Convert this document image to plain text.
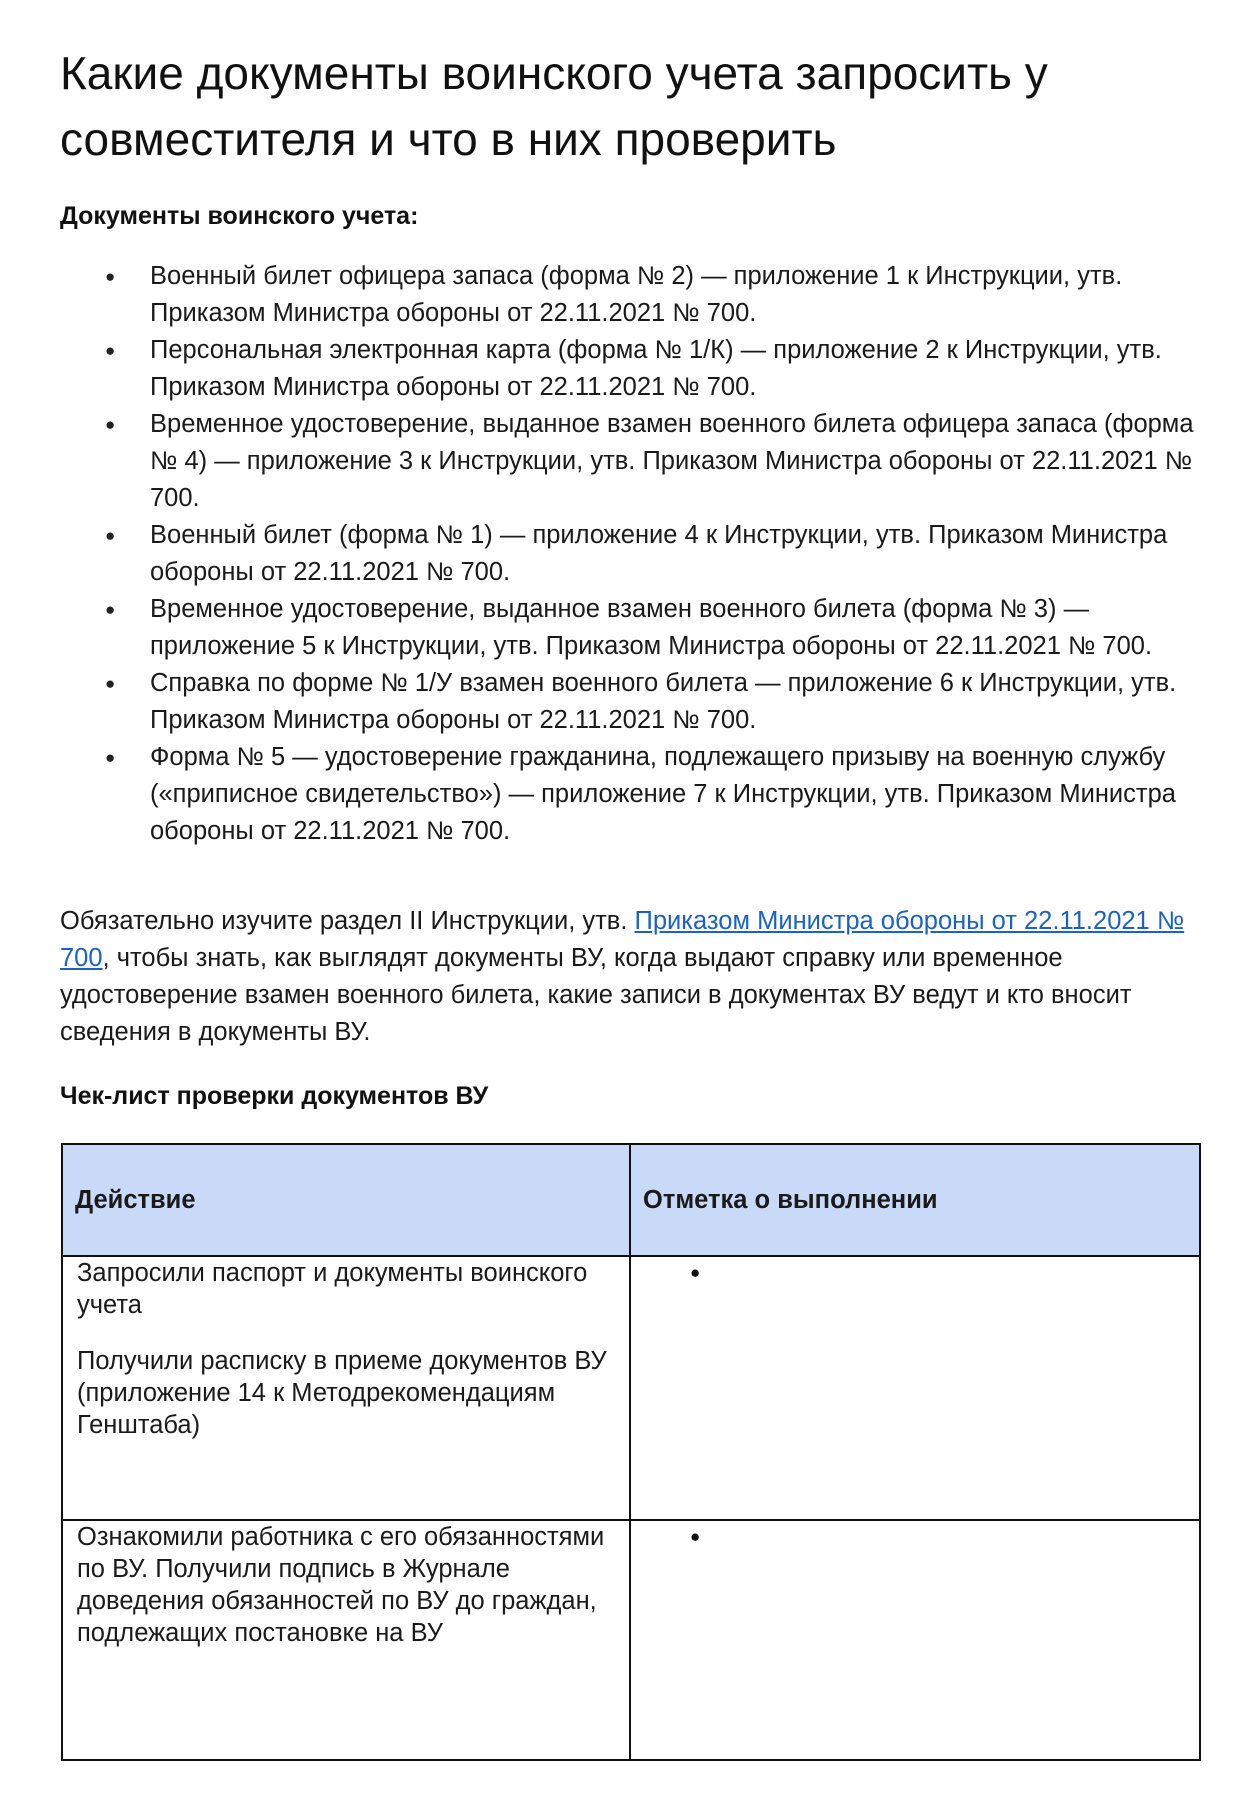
Какие документы воинского учета запросить у совместителя и что в них проверить

Документы воинского учета:

● Военный билет офицера запаса (форма № 2) — приложение 1 к Инструкции, утв. Приказом Министра обороны от 22.11.2021 № 700.
● Персональная электронная карта (форма № 1/К) — приложение 2 к Инструкции, утв. Приказом Министра обороны от 22.11.2021 № 700.
● Временное удостоверение, выданное взамен военного билета офицера запаса (форма № 4) — приложение 3 к Инструкции, утв. Приказом Министра обороны от 22.11.2021 № 700.
● Военный билет (форма № 1) — приложение 4 к Инструкции, утв. Приказом Министра обороны от 22.11.2021 № 700.
● Временное удостоверение, выданное взамен военного билета (форма № 3) — приложение 5 к Инструкции, утв. Приказом Министра обороны от 22.11.2021 № 700.
● Справка по форме № 1/У взамен военного билета — приложение 6 к Инструкции, утв. Приказом Министра обороны от 22.11.2021 № 700.
● Форма № 5 — удостоверение гражданина, подлежащего призыву на военную службу («приписное свидетельство») — приложение 7 к Инструкции, утв. Приказом Министра обороны от 22.11.2021 № 700.

Обязательно изучите раздел II Инструкции, утв. Приказом Министра обороны от 22.11.2021 № 700, чтобы знать, как выглядят документы ВУ, когда выдают справку или временное удостоверение взамен военного билета, какие записи в документах ВУ ведут и кто вносит сведения в документы ВУ.

Чек-лист проверки документов ВУ

Действие	Отметка о выполнении

Запросили паспорт и документы воинского учета

Получили расписку в приеме документов ВУ (приложение 14 к Методрекомендациям Генштаба)	●

Ознакомили работника с его обязанностями по ВУ. Получили подпись в Журнале доведения обязанностей по ВУ до граждан, подлежащих постановке на ВУ	●
